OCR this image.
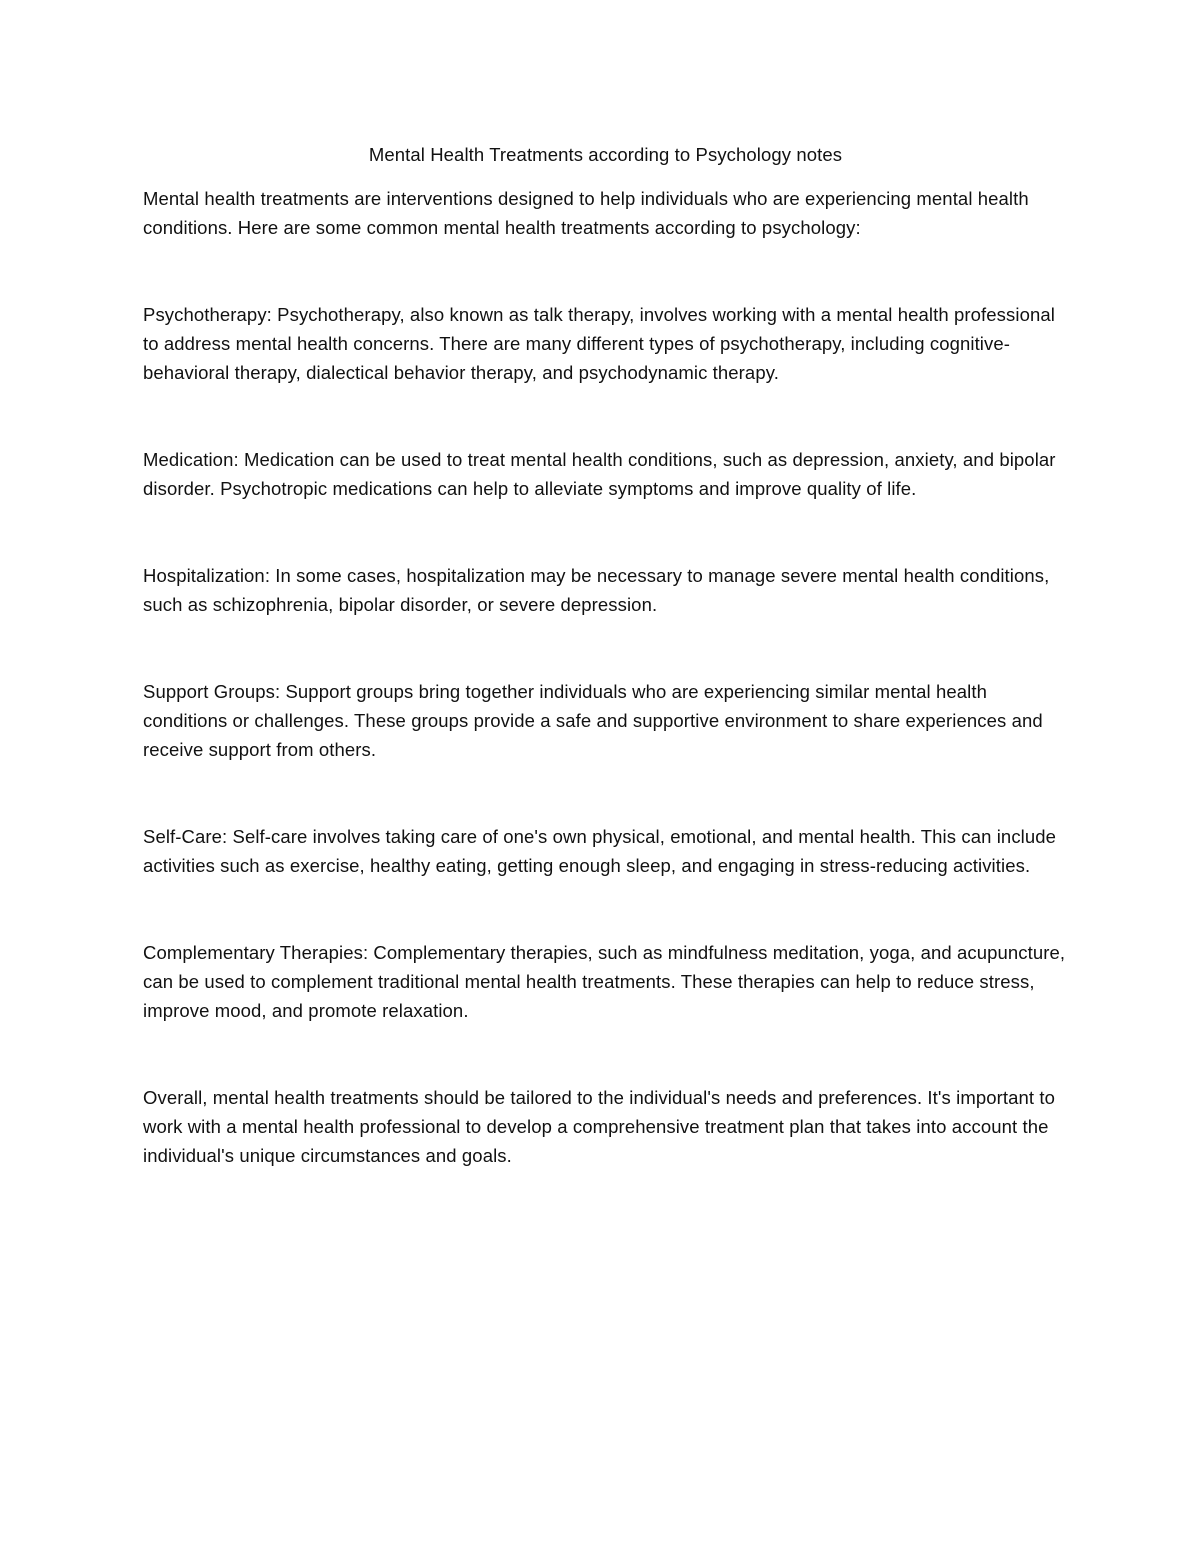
Mental Health Treatments according to Psychology notes

Mental health treatments are interventions designed to help individuals who are experiencing mental health conditions. Here are some common mental health treatments according to psychology:

Psychotherapy: Psychotherapy, also known as talk therapy, involves working with a mental health professional to address mental health concerns. There are many different types of psychotherapy, including cognitive-behavioral therapy, dialectical behavior therapy, and psychodynamic therapy.

Medication: Medication can be used to treat mental health conditions, such as depression, anxiety, and bipolar disorder. Psychotropic medications can help to alleviate symptoms and improve quality of life.

Hospitalization: In some cases, hospitalization may be necessary to manage severe mental health conditions, such as schizophrenia, bipolar disorder, or severe depression.

Support Groups: Support groups bring together individuals who are experiencing similar mental health conditions or challenges. These groups provide a safe and supportive environment to share experiences and receive support from others.

Self-Care: Self-care involves taking care of one's own physical, emotional, and mental health. This can include activities such as exercise, healthy eating, getting enough sleep, and engaging in stress-reducing activities.

Complementary Therapies: Complementary therapies, such as mindfulness meditation, yoga, and acupuncture, can be used to complement traditional mental health treatments. These therapies can help to reduce stress, improve mood, and promote relaxation.

Overall, mental health treatments should be tailored to the individual's needs and preferences. It's important to work with a mental health professional to develop a comprehensive treatment plan that takes into account the individual's unique circumstances and goals.
